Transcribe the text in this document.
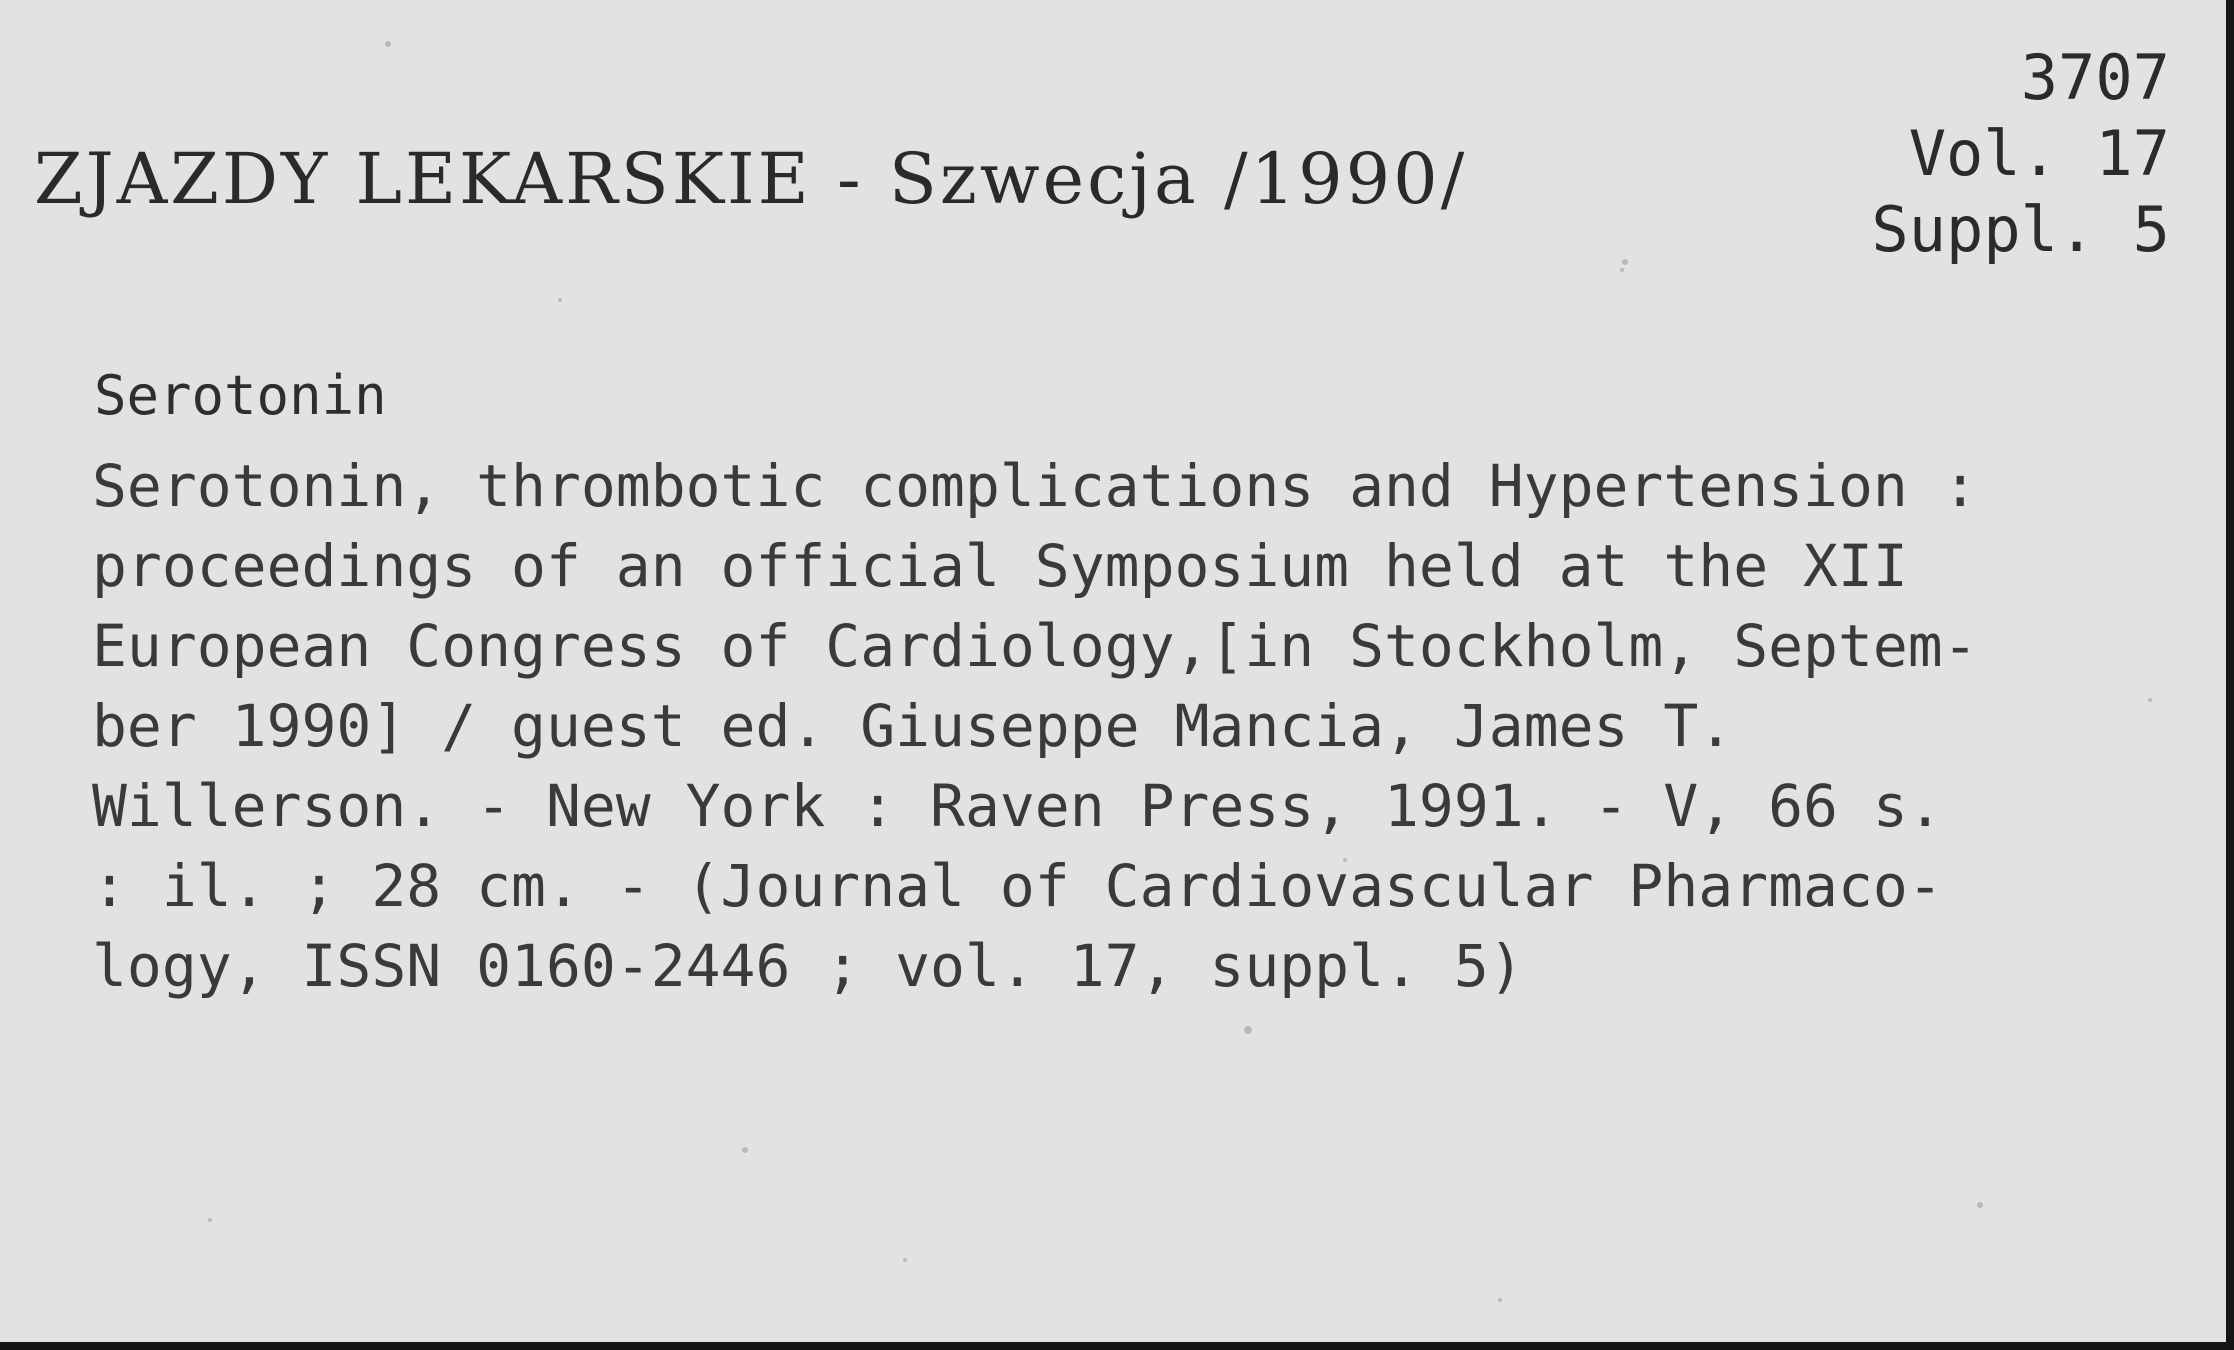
ZJAZDY LEKARSKIE - Szwecja /1990/
3707
Vol. 17
Suppl. 5
Serotonin
Serotonin, thrombotic complications and Hypertension :
proceedings of an official Symposium held at the XII
European Congress of Cardiology,[in Stockholm, Septem-
ber 1990] / guest ed. Giuseppe Mancia, James T.
Willerson. - New York : Raven Press, 1991. - V, 66 s.
: il. ; 28 cm. - (Journal of Cardiovascular Pharmaco-
logy, ISSN 0160-2446 ; vol. 17, suppl. 5)
